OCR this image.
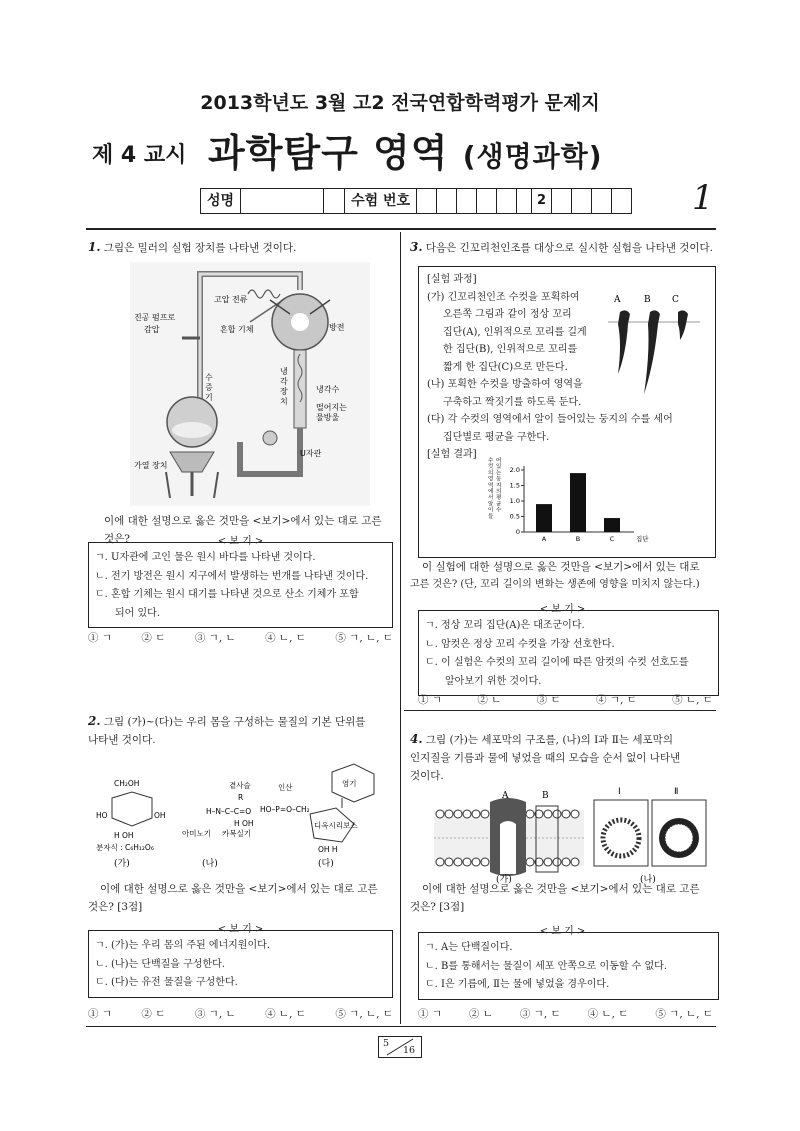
2013학년도 3월 고2 전국연합학력평가 문제지
제 4 교시 과학탐구 영역 (생명과학)
성명	수험 번호	2	1
1. 그림은 밀러의 실험 장치를 나타낸 것이다.
고압 전류
진공 펌프로
감압	혼합 기체	방전
수
증
기
냉
각
장
치
냉각수
떨어지는
물방울
가열 장치
U자관
이에 대한 설명으로 옳은 것만을 <보기>에서 있는 대로 고른 것은?	< 보 기 >
ㄱ. U자관에 고인 물은 원시 바다를 나타낸 것이다.
ㄴ. 전기 방전은 원시 지구에서 발생하는 번개를 나타낸 것이다.
ㄷ. 혼합 기체는 원시 대기를 나타낸 것으로 산소 기체가 포함
되어 있다.
① ㄱ	② ㄷ	③ ㄱ, ㄴ	④ ㄴ, ㄷ	⑤ ㄱ, ㄴ, ㄷ
2. 그림 (가)~(다)는 우리 몸을 구성하는 물질의 기본 단위를
나타낸 것이다.
CH₂OH
HO	OH
H OH
분자식 : C₆H₁₂O₆
곁사슬
R
H–N–C–C=O
H OH
아미노기 카복실기
인산
HO–P=O–CH₂
디옥시리보스
염기
OH H
(가)	(나)	(다)
이에 대한 설명으로 옳은 것만을 <보기>에서 있는 대로 고른
것은? [3점]
< 보 기 >
ㄱ. (가)는 우리 몸의 주된 에너지원이다.
ㄴ. (나)는 단백질을 구성한다.
ㄷ. (다)는 유전 물질을 구성한다.
① ㄱ	② ㄷ	③ ㄱ, ㄴ	④ ㄴ, ㄷ	⑤ ㄱ, ㄴ, ㄷ
3. 다음은 긴꼬리천인조를 대상으로 실시한 실험을 나타낸 것이다.
[실험 과정]
(가) 긴꼬리천인조 수컷을 포획하여
오른쪽 그림과 같이 정상 꼬리
집단(A), 인위적으로 꼬리를 길게
한 집단(B), 인위적으로 꼬리를
짧게 한 집단(C)으로 만든다.
(나) 포획한 수컷을 방출하여 영역을
구축하고 짝짓기를 하도록 둔다.
(다) 각 수컷의 영역에서 알이 들어있는 둥지의 수를 세어
집단별로 평균을 구한다.
[실험 결과]
A	B C
수
컷
의
영
역
에
서
알
이
들
어
있
는
둥
지
의
평
균
수
0
0.5
1.0
1.5
2.0
A	B	C	집단
이 실험에 대한 설명으로 옳은 것만을 <보기>에서 있는 대로
고른 것은? (단, 꼬리 길이의 변화는 생존에 영향을 미치지 않는다.)
< 보 기 >
ㄱ. 정상 꼬리 집단(A)은 대조군이다.
ㄴ. 암컷은 정상 꼬리 수컷을 가장 선호한다.
ㄷ. 이 실험은 수컷의 꼬리 길이에 따른 암컷의 수컷 선호도를
알아보기 위한 것이다.
① ㄱ	② ㄴ	③ ㄷ	④ ㄱ, ㄷ	⑤ ㄴ, ㄷ
4. 그림 (가)는 세포막의 구조를, (나)의 Ⅰ과 Ⅱ는 세포막의
인지질을 기름과 물에 넣었을 때의 모습을 순서 없이 나타낸
것이다.
A	B	Ⅰ	Ⅱ
(가)	(나)
이에 대한 설명으로 옳은 것만을 <보기>에서 있는 대로 고른
것은? [3점]
< 보 기 >
ㄱ. A는 단백질이다.
ㄴ. B를 통해서는 물질이 세포 안쪽으로 이동할 수 없다.
ㄷ. Ⅰ은 기름에, Ⅱ는 물에 넣었을 경우이다.
① ㄱ	② ㄴ	③ ㄱ, ㄷ	④ ㄴ, ㄷ	⑤ ㄱ, ㄴ, ㄷ
5
16
